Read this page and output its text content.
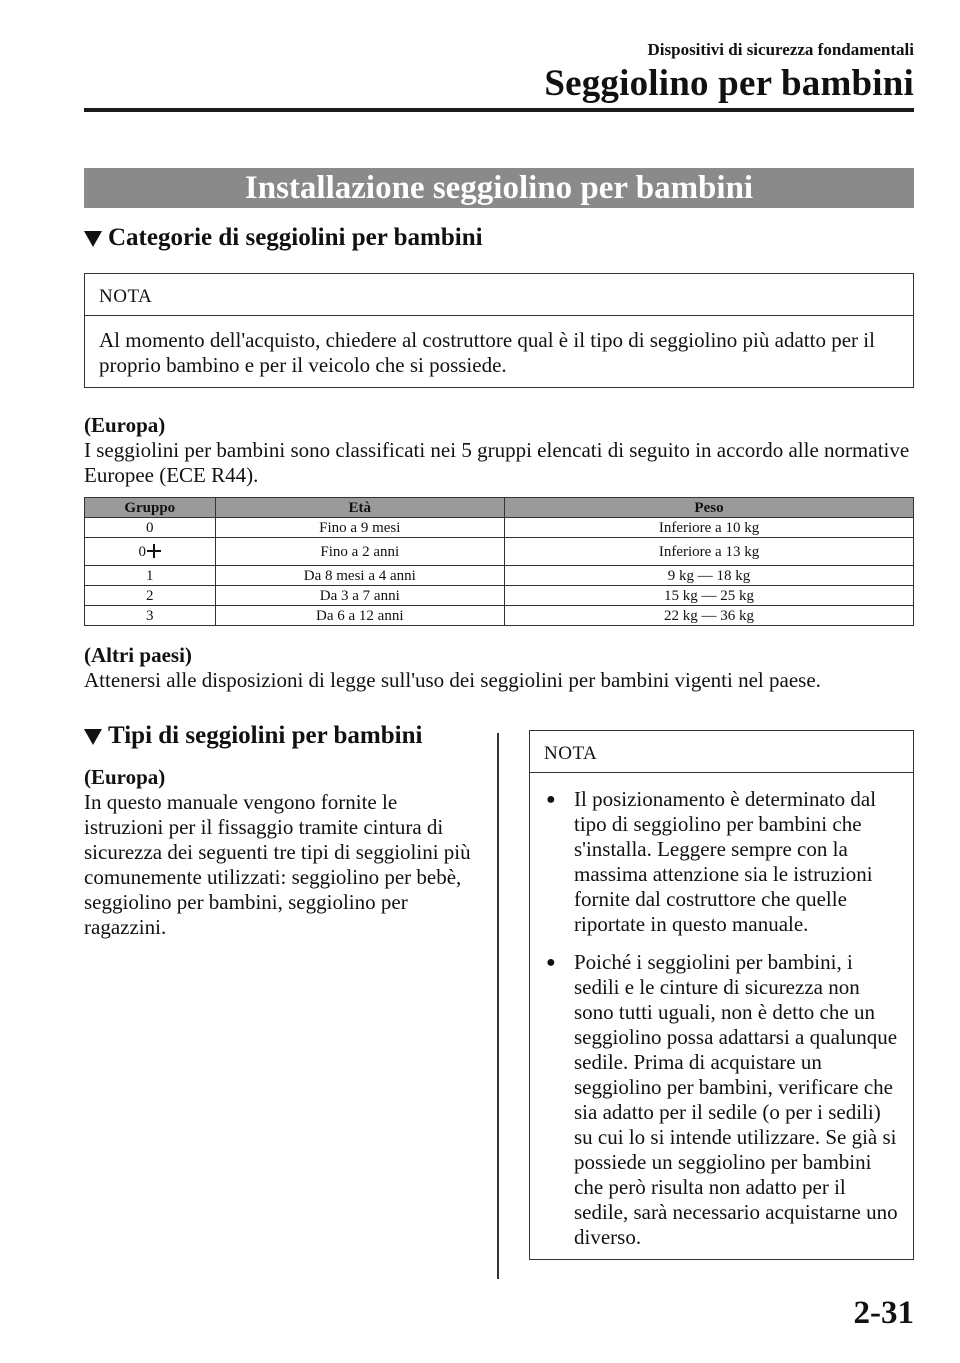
Dispositivi di sicurezza fondamentali
Seggiolino per bambini
Installazione seggiolino per bambini
Categorie di seggiolini per bambini
NOTA
Al momento dell'acquisto, chiedere al costruttore qual è il tipo di seggiolino più adatto per il proprio bambino e per il veicolo che si possiede.
(Europa)
I seggiolini per bambini sono classificati nei 5 gruppi elencati di seguito in accordo alle normative Europee (ECE R44).
Gruppo	Età	Peso
0	Fino a 9 mesi	Inferiore a 10 kg
0	Fino a 2 anni	Inferiore a 13 kg
1	Da 8 mesi a 4 anni	9 kg — 18 kg
2	Da 3 a 7 anni	15 kg — 25 kg
3	Da 6 a 12 anni	22 kg — 36 kg
(Altri paesi)
Attenersi alle disposizioni di legge sull'uso dei seggiolini per bambini vigenti nel paese.
Tipi di seggiolini per bambini
(Europa)
In questo manuale vengono fornite le istruzioni per il fissaggio tramite cintura di sicurezza dei seguenti tre tipi di seggiolini più comunemente utilizzati: seggiolino per bebè, seggiolino per bambini, seggiolino per ragazzini.
NOTA
● Il posizionamento è determinato dal tipo di seggiolino per bambini che s'installa. Leggere sempre con la massima attenzione sia le istruzioni fornite dal costruttore che quelle riportate in questo manuale.
● Poiché i seggiolini per bambini, i sedili e le cinture di sicurezza non sono tutti uguali, non è detto che un seggiolino possa adattarsi a qualunque sedile. Prima di acquistare un seggiolino per bambini, verificare che sia adatto per il sedile (o per i sedili) su cui lo si intende utilizzare. Se già si possiede un seggiolino per bambini che però risulta non adatto per il sedile, sarà necessario acquistarne uno diverso.
2-31
